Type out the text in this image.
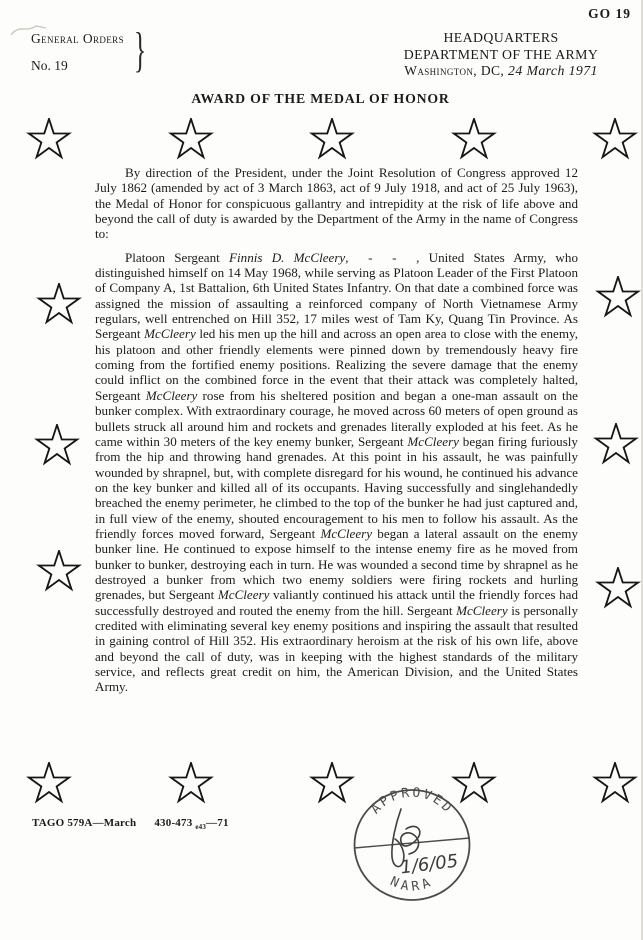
GO 19
General Orders
No. 19	}	HEADQUARTERS
DEPARTMENT OF THE ARMY
Washington, DC, 24 March 1971
AWARD OF THE MEDAL OF HONOR

By direction of the President, under the Joint Resolution of Congress approved 12 July 1862 (amended by act of 3 March 1863, act of 9 July 1918, and act of 25 July 1963), the Medal of Honor for conspicuous gallantry and intrepidity at the risk of life above and beyond the call of duty is awarded by the Department of the Army in the name of Congress to:

Platoon Sergeant Finnis D. McCleery,  -  -  , United States Army, who distinguished himself on 14 May 1968, while serving as Platoon Leader of the First Platoon of Company A, 1st Battalion, 6th United States Infantry. On that date a combined force was assigned the mission of assaulting a reinforced company of North Vietnamese Army regulars, well entrenched on Hill 352, 17 miles west of Tam Ky, Quang Tin Province. As Sergeant McCleery led his men up the hill and across an open area to close with the enemy, his platoon and other friendly elements were pinned down by tremendously heavy fire coming from the fortified enemy positions. Realizing the severe damage that the enemy could inflict on the combined force in the event that their attack was completely halted, Sergeant McCleery rose from his sheltered position and began a one-man assault on the bunker complex. With extraordinary courage, he moved across 60 meters of open ground as bullets struck all around him and rockets and grenades literally exploded at his feet. As he came within 30 meters of the key enemy bunker, Sergeant McCleery began firing furiously from the hip and throwing hand grenades. At this point in his assault, he was painfully wounded by shrapnel, but, with complete disregard for his wound, he continued his advance on the key bunker and killed all of its occupants. Having successfully and singlehandedly breached the enemy perimeter, he climbed to the top of the bunker he had just captured and, in full view of the enemy, shouted encouragement to his men to follow his assault. As the friendly forces moved forward, Sergeant McCleery began a lateral assault on the enemy bunker line. He continued to expose himself to the intense enemy fire as he moved from bunker to bunker, destroying each in turn. He was wounded a second time by shrapnel as he destroyed a bunker from which two enemy soldiers were firing rockets and hurling grenades, but Sergeant McCleery valiantly continued his attack until the friendly forces had successfully destroyed and routed the enemy from the hill. Sergeant McCleery is personally credited with eliminating several key enemy positions and inspiring the assault that resulted in gaining control of Hill 352. His extraordinary heroism at the risk of his own life, above and beyond the call of duty, was in keeping with the highest standards of the military service, and reflects great credit on him, the American Division, and the United States Army.

TAGO 579A—March 430-473 $_{e43}$—71
APPROVED
NARA
1/6/05
